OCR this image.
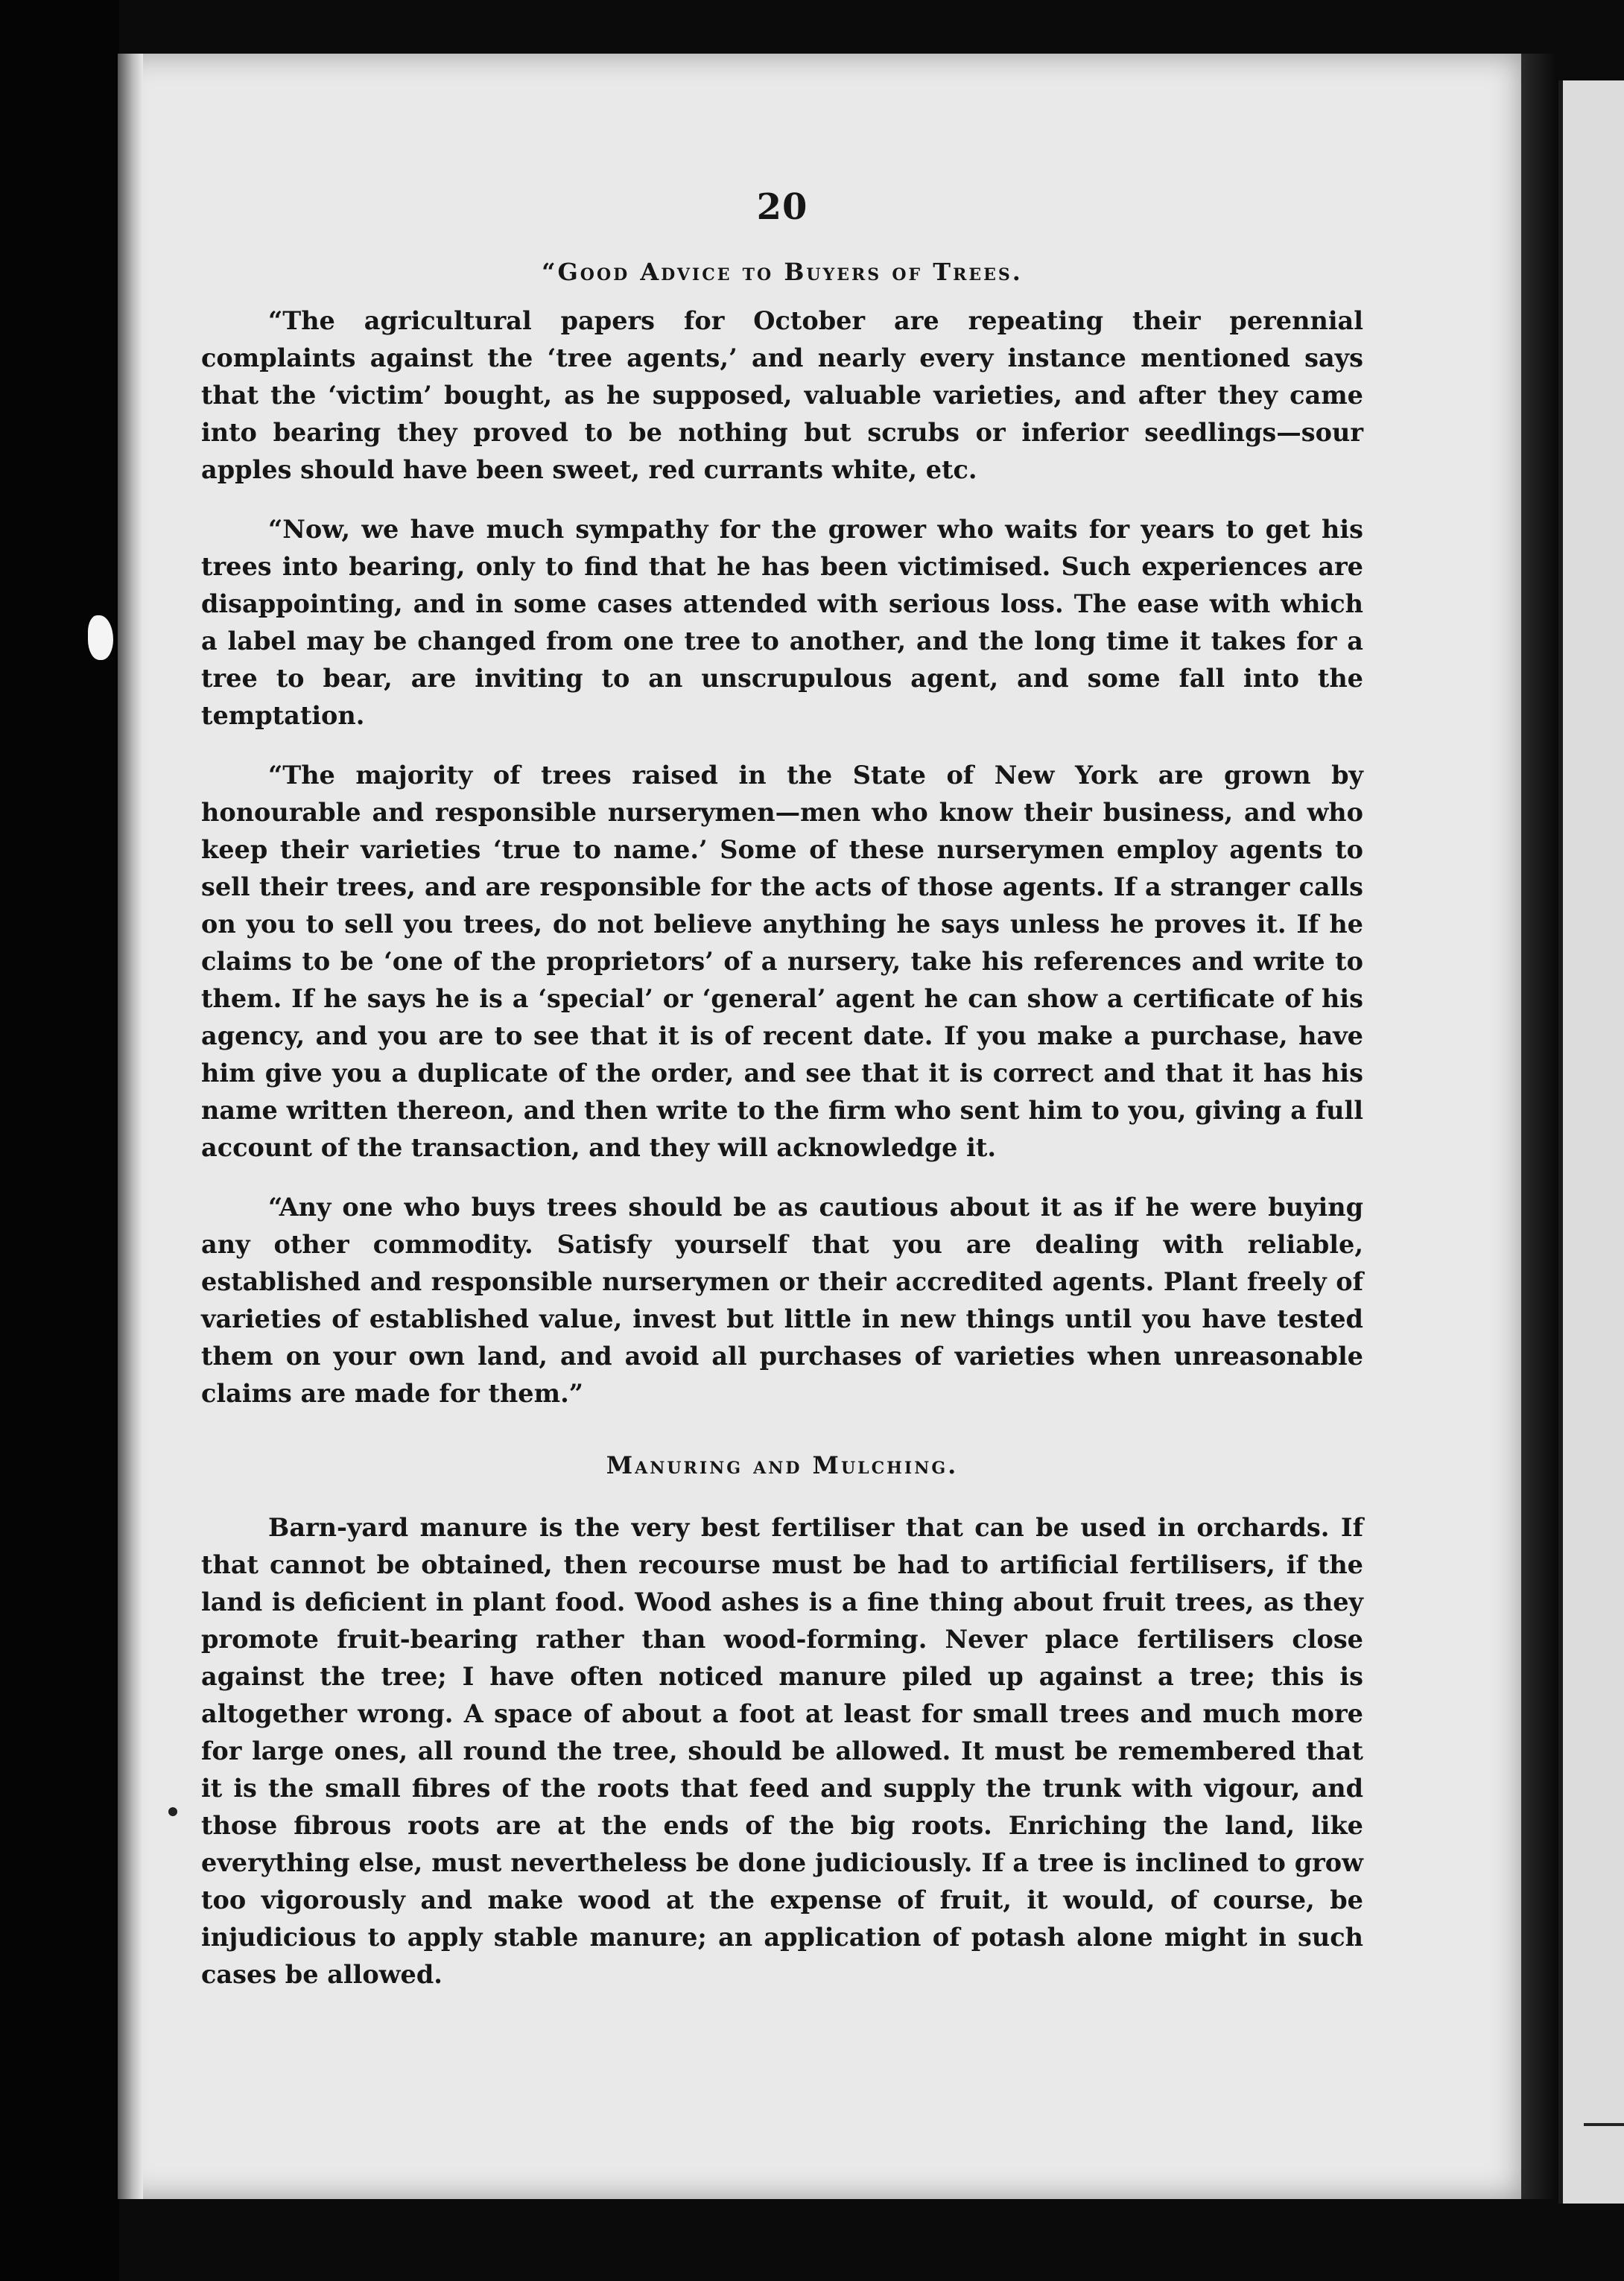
20
“Good Advice to Buyers of Trees.

“The agricultural papers for October are repeating their perennial complaints against the ‘tree agents,’ and nearly every instance mentioned says that the ‘victim’ bought, as he supposed, valuable varieties, and after they came into bearing they proved to be nothing but scrubs or inferior seedlings—sour apples should have been sweet, red currants white, etc.

“Now, we have much sympathy for the grower who waits for years to get his trees into bearing, only to find that he has been victimised. Such experiences are disappointing, and in some cases attended with serious loss. The ease with which a label may be changed from one tree to another, and the long time it takes for a tree to bear, are inviting to an unscrupulous agent, and some fall into the temptation.

“The majority of trees raised in the State of New York are grown by honourable and responsible nurserymen—men who know their business, and who keep their varieties ‘true to name.’ Some of these nurserymen employ agents to sell their trees, and are responsible for the acts of those agents. If a stranger calls on you to sell you trees, do not believe anything he says unless he proves it. If he claims to be ‘one of the proprietors’ of a nursery, take his references and write to them. If he says he is a ‘special’ or ‘general’ agent he can show a certificate of his agency, and you are to see that it is of recent date. If you make a purchase, have him give you a duplicate of the order, and see that it is correct and that it has his name written thereon, and then write to the firm who sent him to you, giving a full account of the transaction, and they will acknowledge it.

“Any one who buys trees should be as cautious about it as if he were buying any other commodity. Satisfy yourself that you are dealing with reliable, established and responsible nurserymen or their accredited agents. Plant freely of varieties of established value, invest but little in new things until you have tested them on your own land, and avoid all purchases of varieties when unreasonable claims are made for them.”

Manuring and Mulching.

Barn-yard manure is the very best fertiliser that can be used in orchards. If that cannot be obtained, then recourse must be had to artificial fertilisers, if the land is deficient in plant food. Wood ashes is a fine thing about fruit trees, as they promote fruit-bearing rather than wood-forming. Never place fertilisers close against the tree; I have often noticed manure piled up against a tree; this is altogether wrong. A space of about a foot at least for small trees and much more for large ones, all round the tree, should be allowed. It must be remembered that it is the small fibres of the roots that feed and supply the trunk with vigour, and those fibrous roots are at the ends of the big roots. Enriching the land, like everything else, must nevertheless be done judiciously. If a tree is inclined to grow too vigorously and make wood at the expense of fruit, it would, of course, be injudicious to apply stable manure; an application of potash alone might in such cases be allowed.
